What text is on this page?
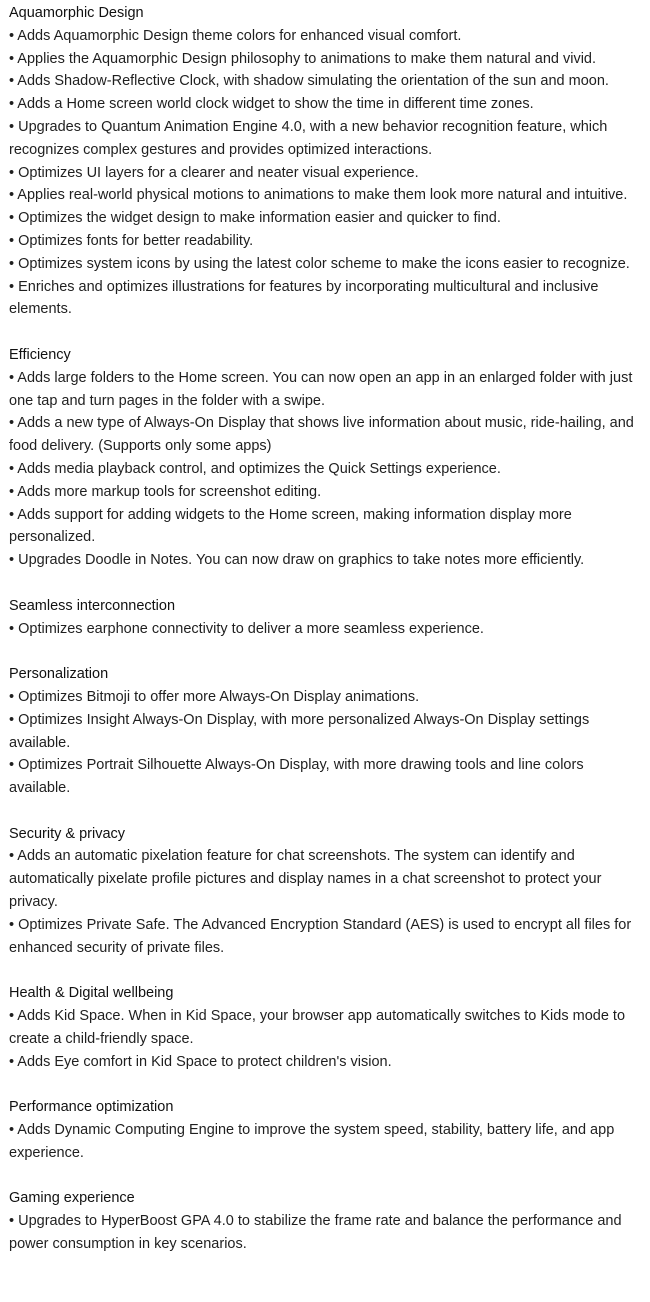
Aquamorphic Design
• Adds Aquamorphic Design theme colors for enhanced visual comfort.
• Applies the Aquamorphic Design philosophy to animations to make them natural and vivid.
• Adds Shadow-Reflective Clock, with shadow simulating the orientation of the sun and moon.
• Adds a Home screen world clock widget to show the time in different time zones.
• Upgrades to Quantum Animation Engine 4.0, with a new behavior recognition feature, which recognizes complex gestures and provides optimized interactions.
• Optimizes UI layers for a clearer and neater visual experience.
• Applies real-world physical motions to animations to make them look more natural and intuitive.
• Optimizes the widget design to make information easier and quicker to find.
• Optimizes fonts for better readability.
• Optimizes system icons by using the latest color scheme to make the icons easier to recognize.
• Enriches and optimizes illustrations for features by incorporating multicultural and inclusive elements.
Efficiency
• Adds large folders to the Home screen. You can now open an app in an enlarged folder with just one tap and turn pages in the folder with a swipe.
• Adds a new type of Always-On Display that shows live information about music, ride-hailing, and food delivery. (Supports only some apps)
• Adds media playback control, and optimizes the Quick Settings experience.
• Adds more markup tools for screenshot editing.
• Adds support for adding widgets to the Home screen, making information display more personalized.
• Upgrades Doodle in Notes. You can now draw on graphics to take notes more efficiently.
Seamless interconnection
• Optimizes earphone connectivity to deliver a more seamless experience.
Personalization
• Optimizes Bitmoji to offer more Always-On Display animations.
• Optimizes Insight Always-On Display, with more personalized Always-On Display settings available.
• Optimizes Portrait Silhouette Always-On Display, with more drawing tools and line colors available.
Security & privacy
• Adds an automatic pixelation feature for chat screenshots. The system can identify and automatically pixelate profile pictures and display names in a chat screenshot to protect your privacy.
• Optimizes Private Safe. The Advanced Encryption Standard (AES) is used to encrypt all files for enhanced security of private files.
Health & Digital wellbeing
• Adds Kid Space. When in Kid Space, your browser app automatically switches to Kids mode to create a child-friendly space.
• Adds Eye comfort in Kid Space to protect children's vision.
Performance optimization
• Adds Dynamic Computing Engine to improve the system speed, stability, battery life, and app experience.
Gaming experience
• Upgrades to HyperBoost GPA 4.0 to stabilize the frame rate and balance the performance and power consumption in key scenarios.
